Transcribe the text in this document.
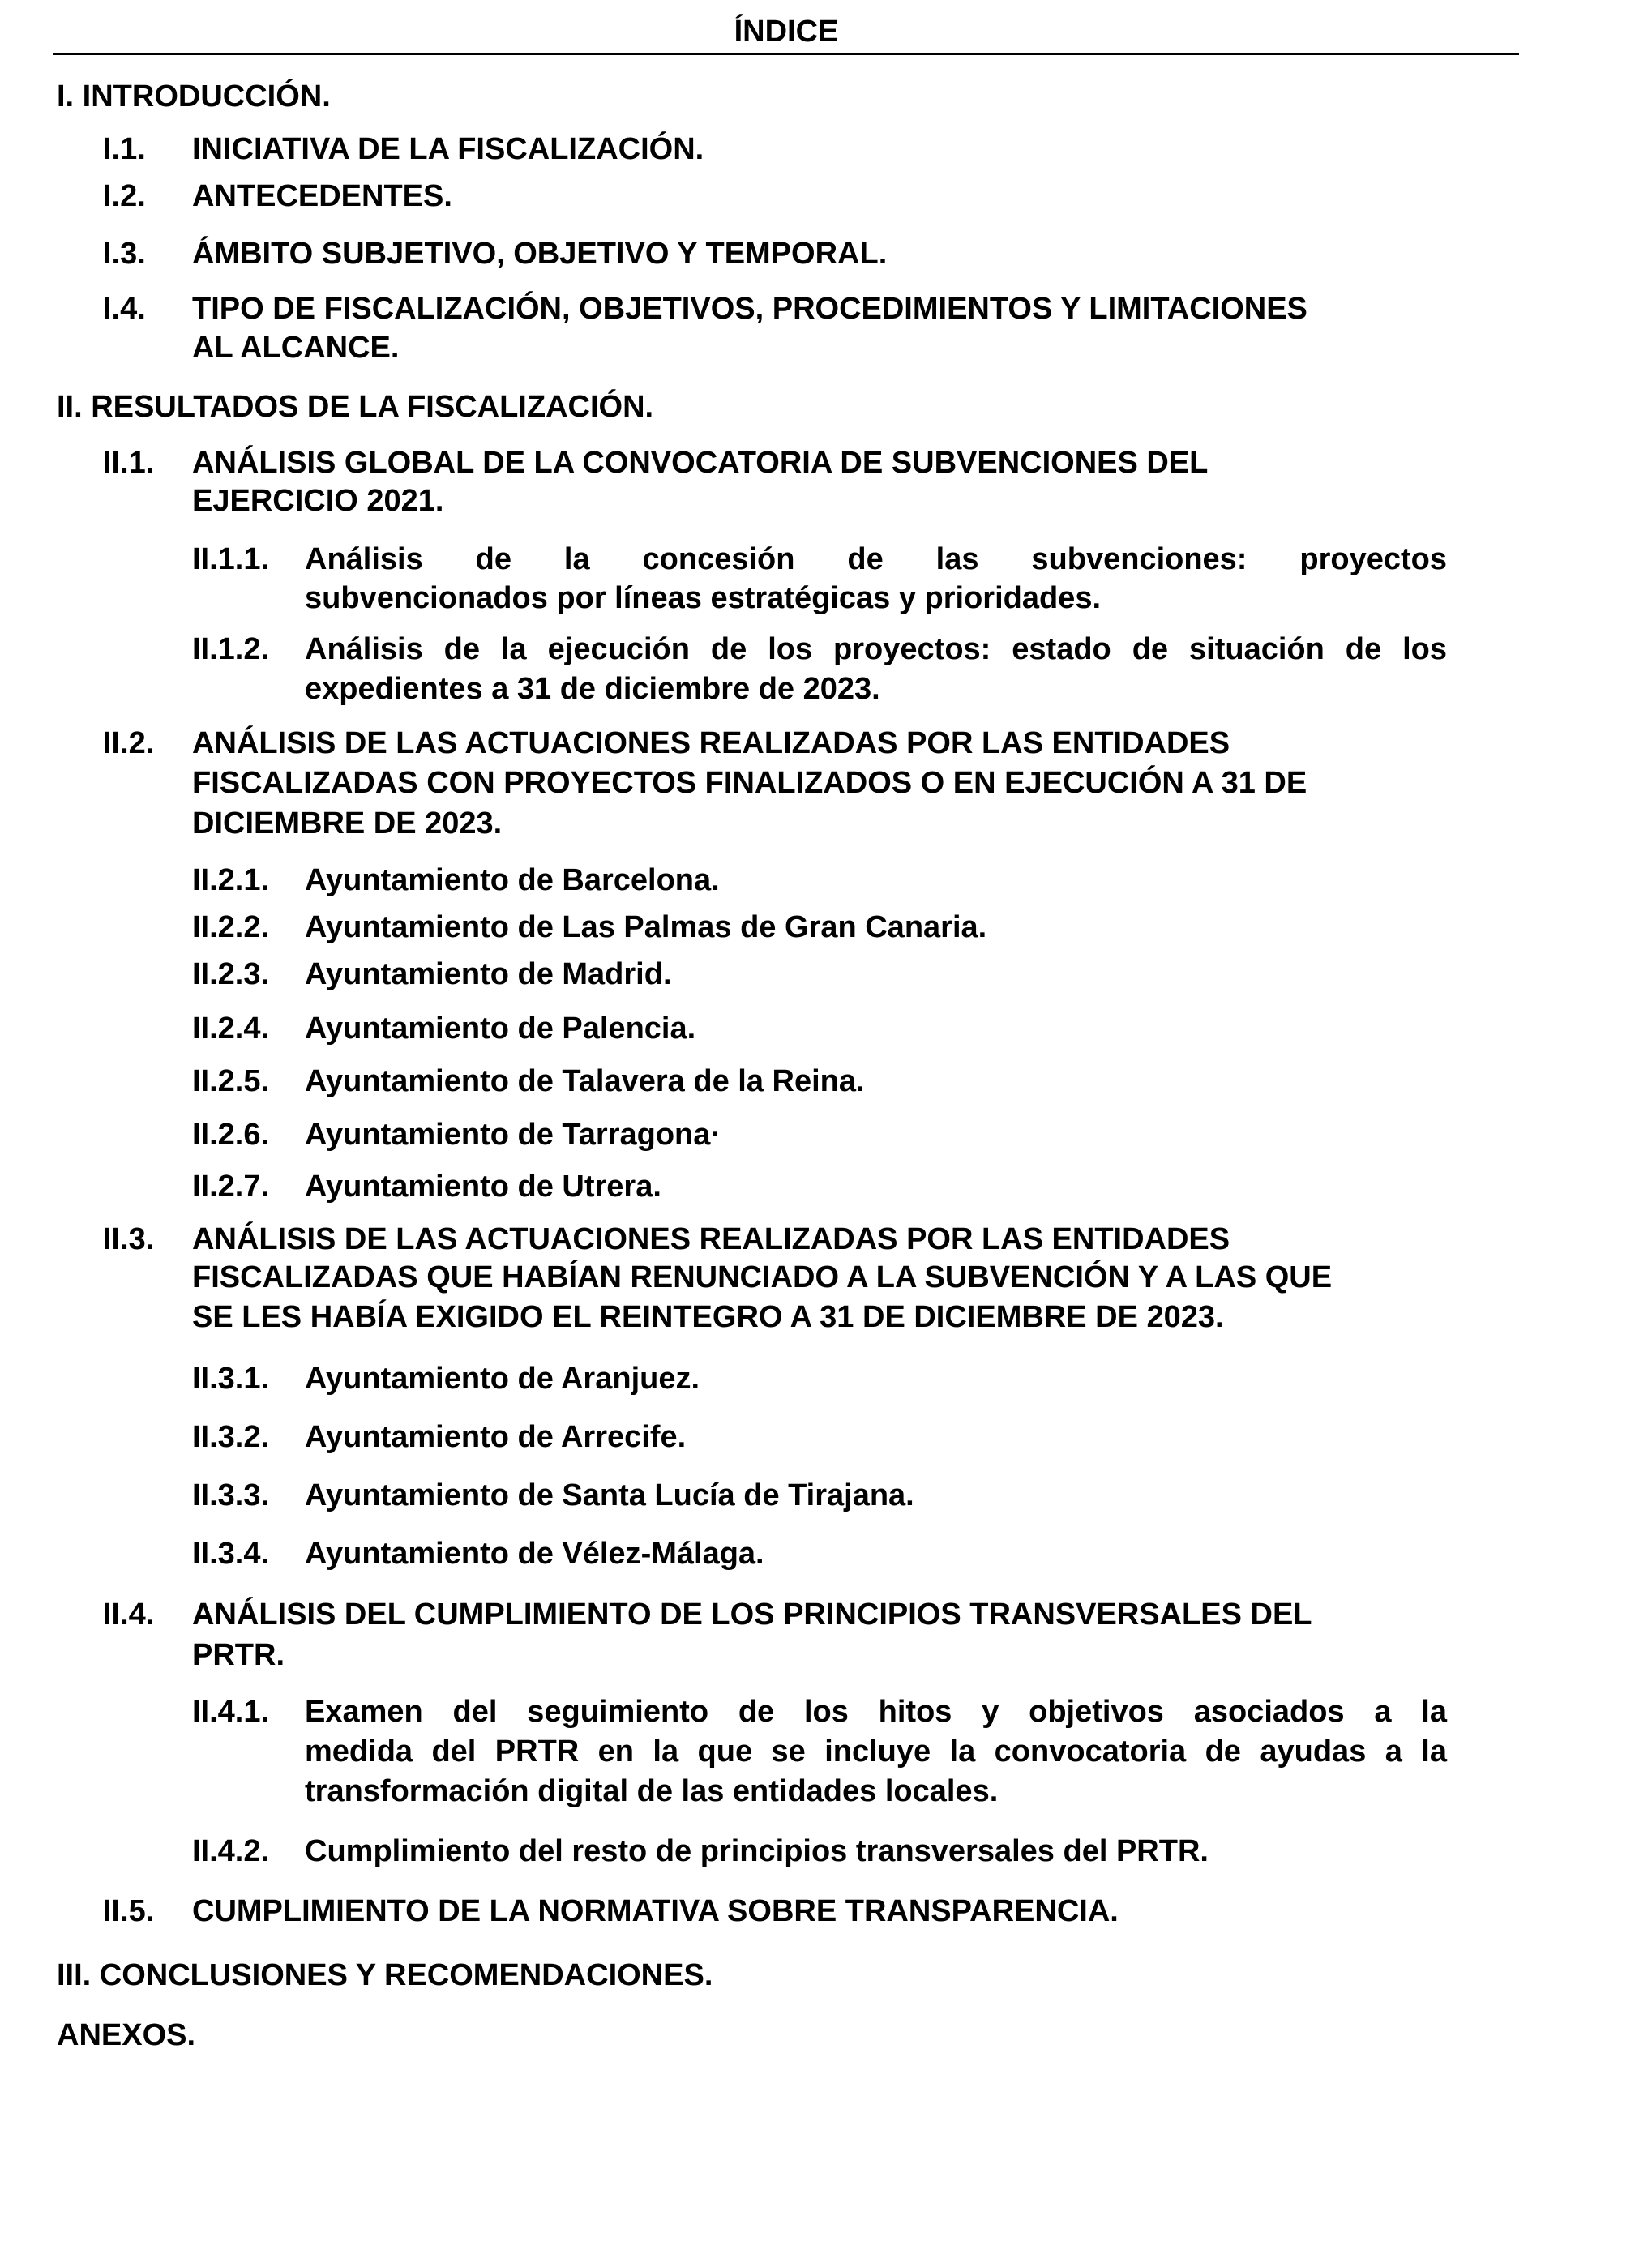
ÍNDICE
I. INTRODUCCIÓN.
I.1. INICIATIVA DE LA FISCALIZACIÓN.
I.2. ANTECEDENTES.
I.3. ÁMBITO SUBJETIVO, OBJETIVO Y TEMPORAL.
I.4. TIPO DE FISCALIZACIÓN, OBJETIVOS, PROCEDIMIENTOS Y LIMITACIONES
AL ALCANCE.
II. RESULTADOS DE LA FISCALIZACIÓN.
II.1. ANÁLISIS GLOBAL DE LA CONVOCATORIA DE SUBVENCIONES DEL
EJERCICIO 2021.
II.1.1. Análisis de la concesión de las subvenciones: proyectos
subvencionados por líneas estratégicas y prioridades.
II.1.2. Análisis de la ejecución de los proyectos: estado de situación de los
expedientes a 31 de diciembre de 2023.
II.2. ANÁLISIS DE LAS ACTUACIONES REALIZADAS POR LAS ENTIDADES
FISCALIZADAS CON PROYECTOS FINALIZADOS O EN EJECUCIÓN A 31 DE
DICIEMBRE DE 2023.
II.2.1. Ayuntamiento de Barcelona.
II.2.2. Ayuntamiento de Las Palmas de Gran Canaria.
II.2.3. Ayuntamiento de Madrid.
II.2.4. Ayuntamiento de Palencia.
II.2.5. Ayuntamiento de Talavera de la Reina.
II.2.6. Ayuntamiento de Tarragona·
II.2.7. Ayuntamiento de Utrera.
II.3. ANÁLISIS DE LAS ACTUACIONES REALIZADAS POR LAS ENTIDADES
FISCALIZADAS QUE HABÍAN RENUNCIADO A LA SUBVENCIÓN Y A LAS QUE
SE LES HABÍA EXIGIDO EL REINTEGRO A 31 DE DICIEMBRE DE 2023.
II.3.1. Ayuntamiento de Aranjuez.
II.3.2. Ayuntamiento de Arrecife.
II.3.3. Ayuntamiento de Santa Lucía de Tirajana.
II.3.4. Ayuntamiento de Vélez-Málaga.
II.4. ANÁLISIS DEL CUMPLIMIENTO DE LOS PRINCIPIOS TRANSVERSALES DEL
PRTR.
II.4.1. Examen del seguimiento de los hitos y objetivos asociados a la
medida del PRTR en la que se incluye la convocatoria de ayudas a la
transformación digital de las entidades locales.
II.4.2. Cumplimiento del resto de principios transversales del PRTR.
II.5. CUMPLIMIENTO DE LA NORMATIVA SOBRE TRANSPARENCIA.
III. CONCLUSIONES Y RECOMENDACIONES.
ANEXOS.
